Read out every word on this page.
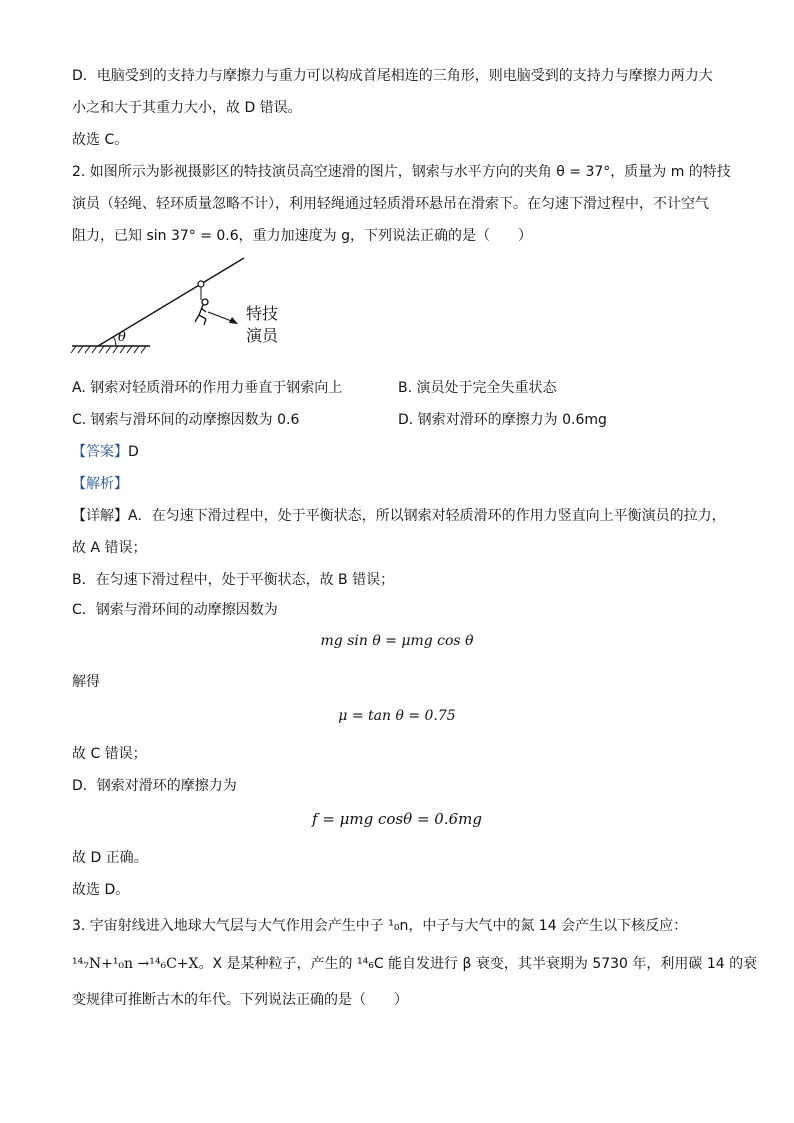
D．电脑受到的支持力与摩擦力与重力可以构成首尾相连的三角形，则电脑受到的支持力与摩擦力两力大
小之和大于其重力大小，故 D 错误。
故选 C。
2. 如图所示为影视摄影区的特技演员高空速滑的图片，钢索与水平方向的夹角 θ = 37°，质量为 m 的特技
演员（轻绳、轻环质量忽略不计），利用轻绳通过轻质滑环悬吊在滑索下。在匀速下滑过程中，不计空气
阻力，已知 sin 37° = 0.6，重力加速度为 g，下列说法正确的是（　　）
θ
特技
演员
A. 钢索对轻质滑环的作用力垂直于钢索向上	B. 演员处于完全失重状态
C. 钢索与滑环间的动摩擦因数为 0.6	D. 钢索对滑环的摩擦力为 0.6mg
【答案】D
【解析】
【详解】A．在匀速下滑过程中，处于平衡状态，所以钢索对轻质滑环的作用力竖直向上平衡演员的拉力，
故 A 错误；
B．在匀速下滑过程中，处于平衡状态，故 B 错误；
C．钢索与滑环间的动摩擦因数为
mg sin θ = μmg cos θ
解得
μ = tan θ = 0.75
故 C 错误；
D．钢索对滑环的摩擦力为
f = μmg cosθ = 0.6mg
故 D 正确。
故选 D。
3. 宇宙射线进入地球大气层与大气作用会产生中子 ¹₀n，中子与大气中的氮 14 会产生以下核反应：
¹⁴₇N+¹₀n →¹⁴₆C+X。X 是某种粒子，产生的 ¹⁴₆C 能自发进行 β 衰变，其半衰期为 5730 年，利用碳 14 的衰
变规律可推断古木的年代。下列说法正确的是（　　）
